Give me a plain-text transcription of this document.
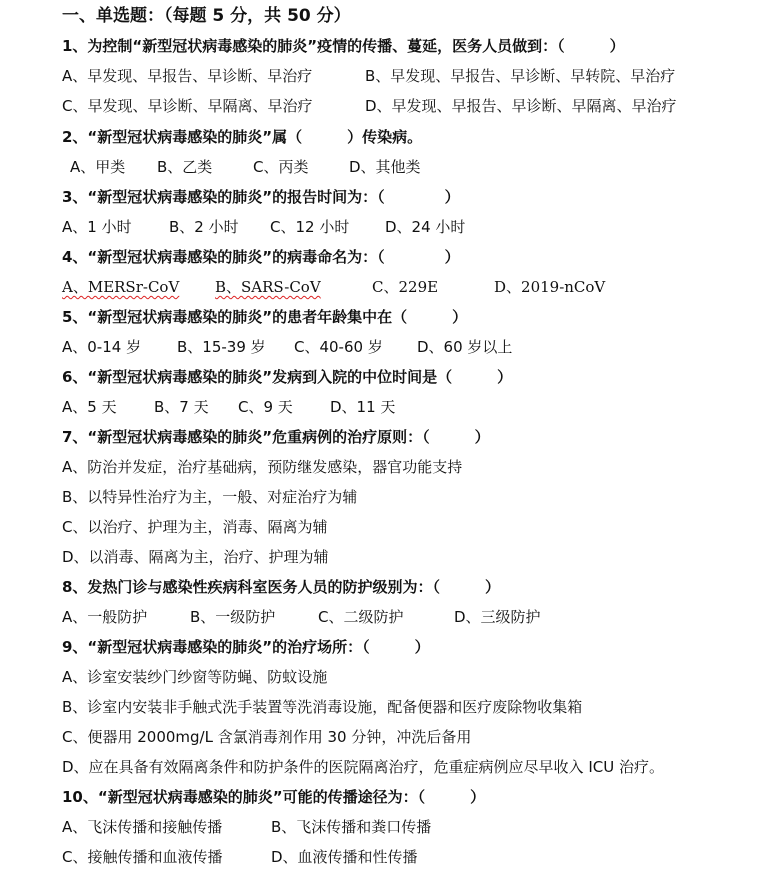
一、单选题：（每题 5 分，共 50 分）
1、为控制“新型冠状病毒感染的肺炎”疫情的传播、蔓延，医务人员做到：（　　　）
A、早发现、早报告、早诊断、早治疗	B、早发现、早报告、早诊断、早转院、早治疗
C、早发现、早诊断、早隔离、早治疗	D、早发现、早报告、早诊断、早隔离、早治疗
2、“新型冠状病毒感染的肺炎”属（　　　）传染病。
A、甲类 B、乙类	C、丙类	D、其他类
3、“新型冠状病毒感染的肺炎”的报告时间为：（　　　　）
A、1 小时 B、2 小时 C、12 小时 D、24 小时
4、“新型冠状病毒感染的肺炎”的病毒命名为：（　　　　）
A、MERSr-CoV B、SARS-CoV	C、229E	D、2019-nCoV
5、“新型冠状病毒感染的肺炎”的患者年龄集中在（　　　）
A、0-14 岁 B、15-39 岁 C、40-60 岁 D、60 岁以上
6、“新型冠状病毒感染的肺炎”发病到入院的中位时间是（　　　）
A、5 天 B、7 天 C、9 天 D、11 天
7、“新型冠状病毒感染的肺炎”危重病例的治疗原则：（　　　）
A、防治并发症，治疗基础病，预防继发感染，器官功能支持
B、以特异性治疗为主，一般、对症治疗为辅
C、以治疗、护理为主，消毒、隔离为辅
D、以消毒、隔离为主，治疗、护理为辅
8、发热门诊与感染性疾病科室医务人员的防护级别为：（　　　）
A、一般防护	B、一级防护	C、二级防护	D、三级防护
9、“新型冠状病毒感染的肺炎”的治疗场所：（　　　）
A、诊室安装纱门纱窗等防蝇、防蚊设施
B、诊室内安装非手触式洗手装置等洗消毒设施，配备便器和医疗废除物收集箱
C、便器用 2000mg/L 含氯消毒剂作用 30 分钟，冲洗后备用
D、应在具备有效隔离条件和防护条件的医院隔离治疗，危重症病例应尽早收入 ICU 治疗。
10、“新型冠状病毒感染的肺炎”可能的传播途径为：（　　　）
A、飞沫传播和接触传播	B、飞沫传播和粪口传播
C、接触传播和血液传播	D、血液传播和性传播
